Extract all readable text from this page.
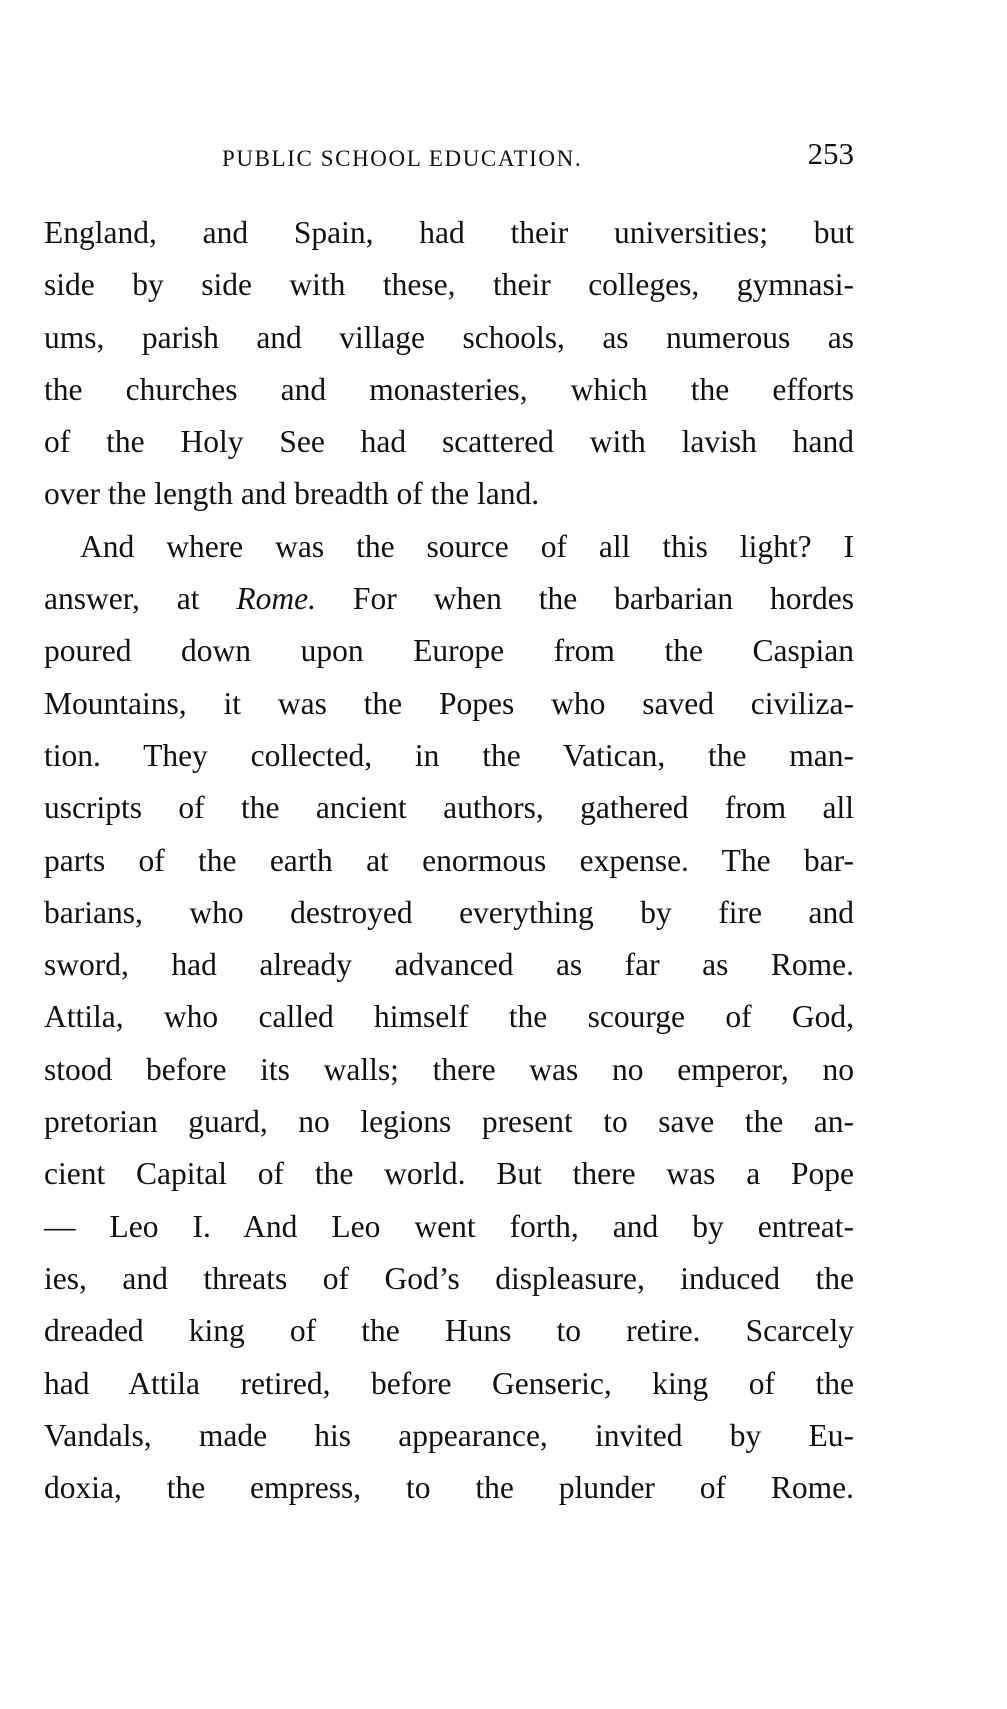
PUBLIC SCHOOL EDUCATION.	253
England, and Spain, had their universities; but
side by side with these, their colleges, gymnasi-
ums, parish and village schools, as numerous as
the churches and monasteries, which the efforts
of the Holy See had scattered with lavish hand
over the length and breadth of the land.
And where was the source of all this light? I
answer, at Rome. For when the barbarian hordes
poured down upon Europe from the Caspian
Mountains, it was the Popes who saved civiliza-
tion. They collected, in the Vatican, the man-
uscripts of the ancient authors, gathered from all
parts of the earth at enormous expense. The bar-
barians, who destroyed everything by fire and
sword, had already advanced as far as Rome.
Attila, who called himself the scourge of God,
stood before its walls; there was no emperor, no
pretorian guard, no legions present to save the an-
cient Capital of the world. But there was a Pope
— Leo I. And Leo went forth, and by entreat-
ies, and threats of God’s displeasure, induced the
dreaded king of the Huns to retire. Scarcely
had Attila retired, before Genseric, king of the
Vandals, made his appearance, invited by Eu-
doxia, the empress, to the plunder of Rome.
